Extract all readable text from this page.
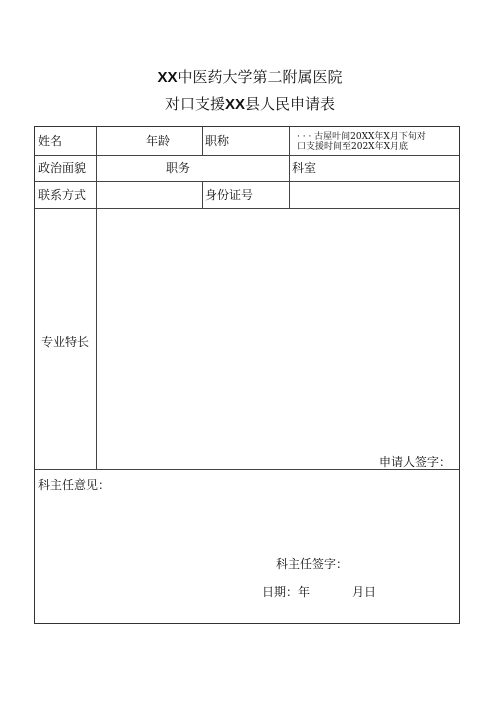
XX中医药大学第二附属医院
对口支援XX县人民申请表
姓名	年龄	职称	· · · 古屋叶间20XX年X月下旬对
口支援时间至202X年X月底
政治面貌	职务	科室
联系方式	身份证号
专业特长
申请人签字：
科主任意见：
科主任签字：
日期：年	月日
